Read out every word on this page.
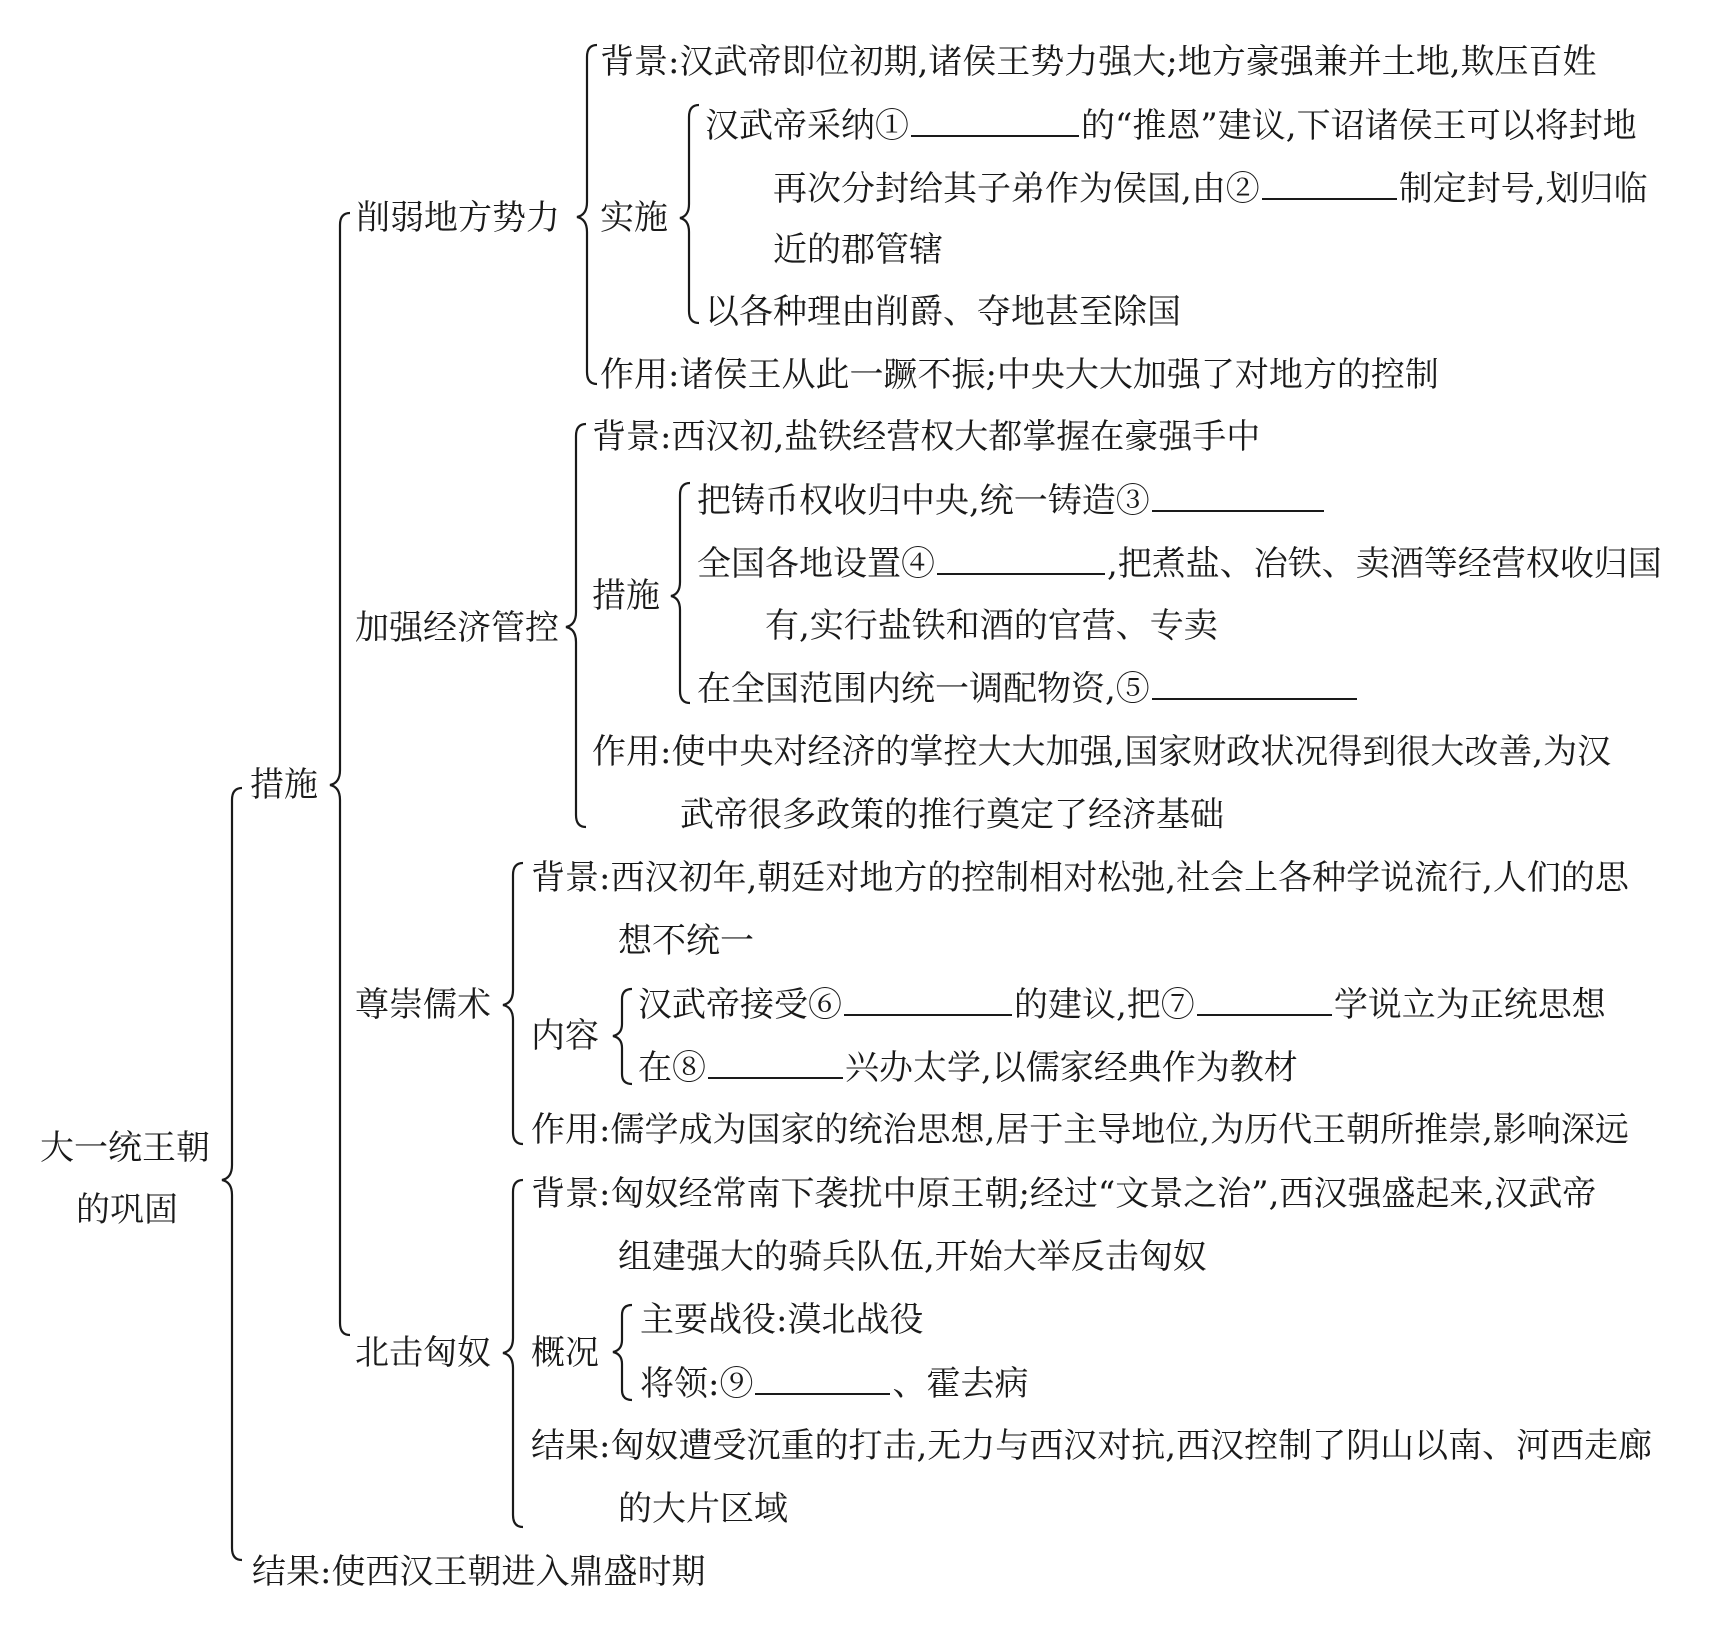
大一统王朝
的巩固
措施
结果:使西汉王朝进入鼎盛时期
削弱地方势力
背景:汉武帝即位初期,诸侯王势力强大;地方豪强兼并土地,欺压百姓
实施
汉武帝采纳①	的“推恩”建议,下诏诸侯王可以将封地
再次分封给其子弟作为侯国,由②	制定封号,划归临
近的郡管辖
以各种理由削爵、夺地甚至除国
作用:诸侯王从此一蹶不振;中央大大加强了对地方的控制
加强经济管控
背景:西汉初,盐铁经营权大都掌握在豪强手中
措施
把铸币权收归中央,统一铸造③
全国各地设置④	,把煮盐、冶铁、卖酒等经营权收归国
有,实行盐铁和酒的官营、专卖
在全国范围内统一调配物资,⑤
作用:使中央对经济的掌控大大加强,国家财政状况得到很大改善,为汉
武帝很多政策的推行奠定了经济基础
尊崇儒术
背景:西汉初年,朝廷对地方的控制相对松弛,社会上各种学说流行,人们的思
想不统一
内容
汉武帝接受⑥	的建议,把⑦	学说立为正统思想
在⑧	兴办太学,以儒家经典作为教材
作用:儒学成为国家的统治思想,居于主导地位,为历代王朝所推崇,影响深远
北击匈奴
背景:匈奴经常南下袭扰中原王朝;经过“文景之治”,西汉强盛起来,汉武帝
组建强大的骑兵队伍,开始大举反击匈奴
概况
主要战役:漠北战役
将领:⑨	、霍去病
结果:匈奴遭受沉重的打击,无力与西汉对抗,西汉控制了阴山以南、河西走廊
的大片区域
